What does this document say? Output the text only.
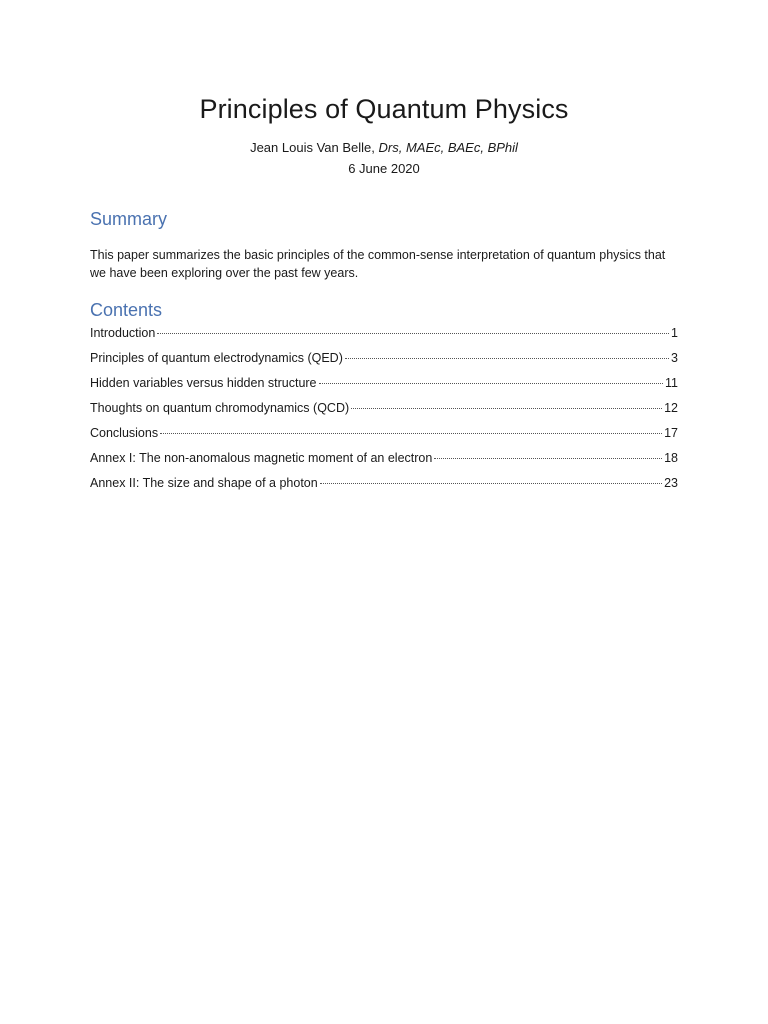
Principles of Quantum Physics
Jean Louis Van Belle, Drs, MAEc, BAEc, BPhil
6 June 2020
Summary

This paper summarizes the basic principles of the common-sense interpretation of quantum physics that we have been exploring over the past few years.

Contents
Introduction	1
Principles of quantum electrodynamics (QED)	3
Hidden variables versus hidden structure	11
Thoughts on quantum chromodynamics (QCD)	12
Conclusions	17
Annex I: The non-anomalous magnetic moment of an electron	18
Annex II: The size and shape of a photon	23
